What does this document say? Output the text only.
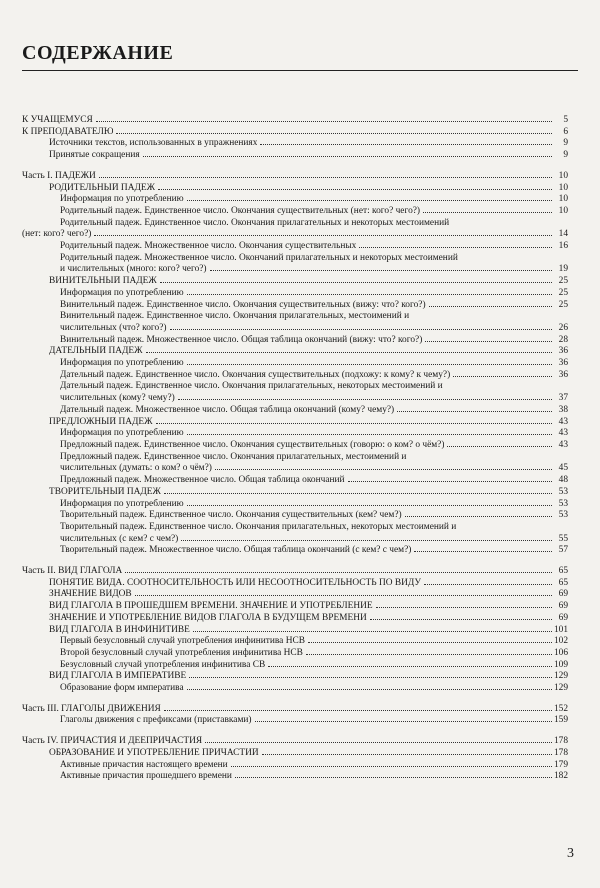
СОДЕРЖАНИЕ
К УЧАЩЕМУСЯ	5
К ПРЕПОДАВАТЕЛЮ	6
Источники текстов, использованных в упражнениях	9
Принятые сокращения	9
Часть I. ПАДЕЖИ	10
РОДИТЕЛЬНЫЙ ПАДЕЖ	10
Информация по употреблению	10
Родительный падеж. Единственное число. Окончания существительных (нет: кого? чего?)	10
Родительный падеж. Единственное число. Окончания прилагательных и некоторых местоимений
(нет: кого? чего?)	14
Родительный падеж. Множественное число. Окончания существительных	16
Родительный падеж. Множественное число. Окончаний прилагательных и некоторых местоимений
и числительных (много: кого? чего?)	19
ВИНИТЕЛЬНЫЙ ПАДЕЖ	25
Информация по употреблению	25
Винительный падеж. Единственное число. Окончания существительных (вижу: что? кого?)	25
Винительный падеж. Единственное число. Окончания прилагательных, местоимений и
числительных (что? кого?)	26
Винительный падеж. Множественное число. Общая таблица окончаний (вижу: что? кого?)	28
ДАТЕЛЬНЫЙ ПАДЕЖ	36
Информация по употреблению	36
Дательный падеж. Единственное число. Окончания существительных (подхожу: к кому? к чему?)	36
Дательный падеж. Единственное число. Окончания прилагательных, некоторых местоимений и
числительных (кому? чему?)	37
Дательный падеж. Множественное число. Общая таблица окончаний (кому? чему?)	38
ПРЕДЛОЖНЫЙ ПАДЕЖ	43
Информация по употреблению	43
Предложный падеж. Единственное число. Окончания существительных (говорю: о ком? о чём?)	43
Предложный падеж. Единственное число. Окончания прилагательных, местоимений и
числительных (думать: о ком? о чём?)	45
Предложный падеж. Множественное число. Общая таблица окончаний	48
ТВОРИТЕЛЬНЫЙ ПАДЕЖ	53
Информация по употреблению	53
Творительный падеж. Единственное число. Окончания существительных (кем? чем?)	53
Творительный падеж. Единственное число. Окончания прилагательных, некоторых местоимений и
числительных (с кем? с чем?)	55
Творительный падеж. Множественное число. Общая таблица окончаний (с кем? с чем?)	57
Часть II. ВИД ГЛАГОЛА	65
ПОНЯТИЕ ВИДА. СООТНОСИТЕЛЬНОСТЬ ИЛИ НЕСООТНОСИТЕЛЬНОСТЬ ПО ВИДУ	65
ЗНАЧЕНИЕ ВИДОВ	69
ВИД ГЛАГОЛА В ПРОШЕДШЕМ ВРЕМЕНИ. ЗНАЧЕНИЕ И УПОТРЕБЛЕНИЕ	69
ЗНАЧЕНИЕ И УПОТРЕБЛЕНИЕ ВИДОВ ГЛАГОЛА В БУДУЩЕМ ВРЕМЕНИ	69
ВИД ГЛАГОЛА В ИНФИНИТИВЕ	101
Первый безусловный случай употребления инфинитива НСВ	102
Второй безусловный случай употребления инфинитива НСВ	106
Безусловный случай употребления инфинитива СВ	109
ВИД ГЛАГОЛА В ИМПЕРАТИВЕ	129
Образование форм императива	129
Часть III. ГЛАГОЛЫ ДВИЖЕНИЯ	152
Глаголы движения с префиксами (приставками)	159
Часть IV. ПРИЧАСТИЯ И ДЕЕПРИЧАСТИЯ	178
ОБРАЗОВАНИЕ И УПОТРЕБЛЕНИЕ ПРИЧАСТИЙ	178
Активные причастия настоящего времени	179
Активные причастия прошедшего времени	182
3
